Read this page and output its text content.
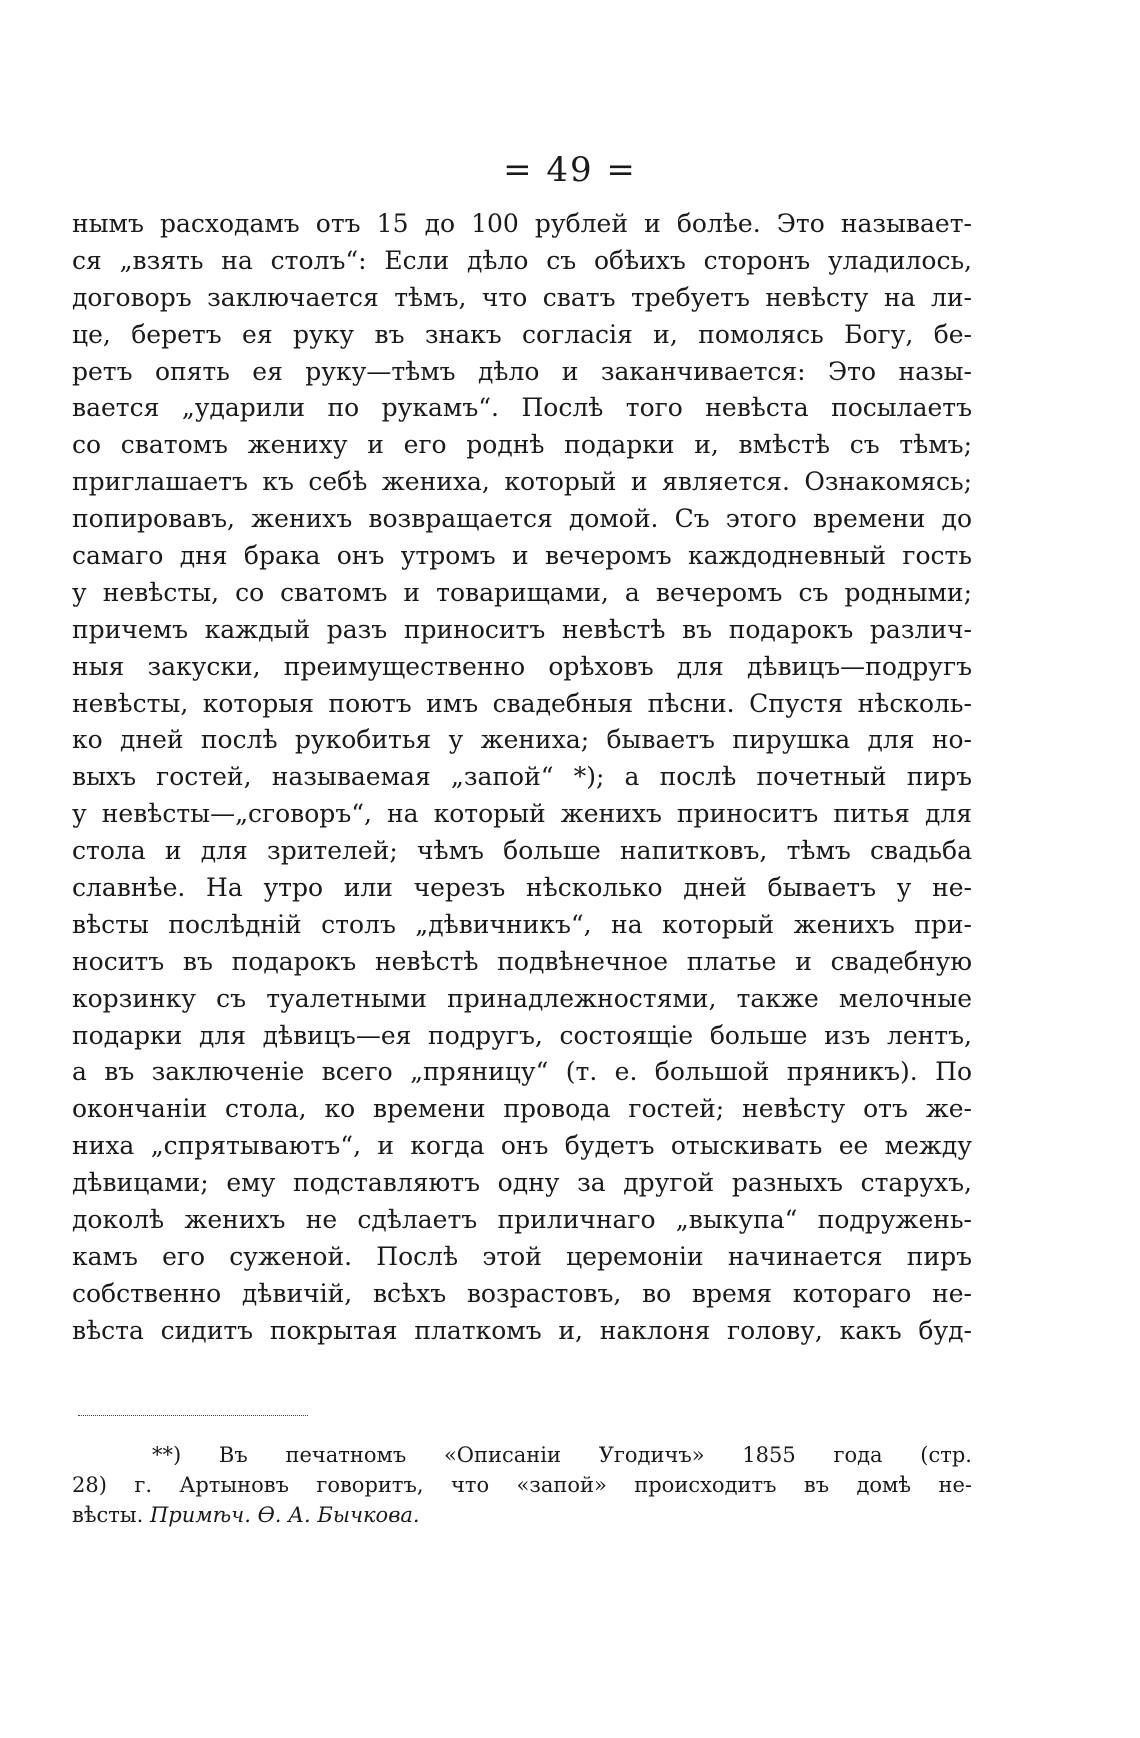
= 49 =
нымъ расходамъ отъ 15 до 100 рублей и болѣе. Это называет-
ся „взять на столъ“: Если дѣло съ обѣихъ сторонъ уладилось,
договоръ заключается тѣмъ, что сватъ требуетъ невѣсту на ли-
це, беретъ ея руку въ знакъ согласія и, помолясь Богу, бе-
ретъ опять ея руку—тѣмъ дѣло и заканчивается: Это назы-
вается „ударили по рукамъ“. Послѣ того невѣста посылаетъ
со сватомъ жениху и его роднѣ подарки и, вмѣстѣ съ тѣмъ;
приглашаетъ къ себѣ жениха, который и является. Ознакомясь;
попировавъ, женихъ возвращается домой. Съ этого времени до
самаго дня брака онъ утромъ и вечеромъ каждодневный гость
у невѣсты, со сватомъ и товарищами, а вечеромъ съ родными;
причемъ каждый разъ приноситъ невѣстѣ въ подарокъ различ-
ныя закуски, преимущественно орѣховъ для дѣвицъ—подругъ
невѣсты, которыя поютъ имъ свадебныя пѣсни. Спустя нѣсколь-
ко дней послѣ рукобитья у жениха; бываетъ пирушка для но-
выхъ гостей, называемая „запой“ *); а послѣ почетный пиръ
у невѣсты—„сговоръ“, на который женихъ приноситъ питья для
стола и для зрителей; чѣмъ больше напитковъ, тѣмъ свадьба
славнѣе. На утро или черезъ нѣсколько дней бываетъ у не-
вѣсты послѣдній столъ „дѣвичникъ“, на который женихъ при-
носитъ въ подарокъ невѣстѣ подвѣнечное платье и свадебную
корзинку съ туалетными принадлежностями, также мелочные
подарки для дѣвицъ—ея подругъ, состоящіе больше изъ лентъ,
а въ заключеніе всего „пряницу“ (т. е. большой пряникъ). По
окончаніи стола, ко времени провода гостей; невѣсту отъ же-
ниха „спрятываютъ“, и когда онъ будетъ отыскивать ее между
дѣвицами; ему подставляютъ одну за другой разныхъ старухъ,
доколѣ женихъ не сдѣлаетъ приличнаго „выкупа“ подружень-
камъ его суженой. Послѣ этой церемоніи начинается пиръ
собственно дѣвичій, всѣхъ возрастовъ, во время котораго не-
вѣста сидитъ покрытая платкомъ и, наклоня голову, какъ буд-
**) Въ печатномъ «Описаніи Угодичъ» 1855 года (стр.
28) г. Артыновъ говоритъ, что «запой» происходитъ въ домѣ не-
вѣсты. Примѣч. Ѳ. А. Бычкова.
